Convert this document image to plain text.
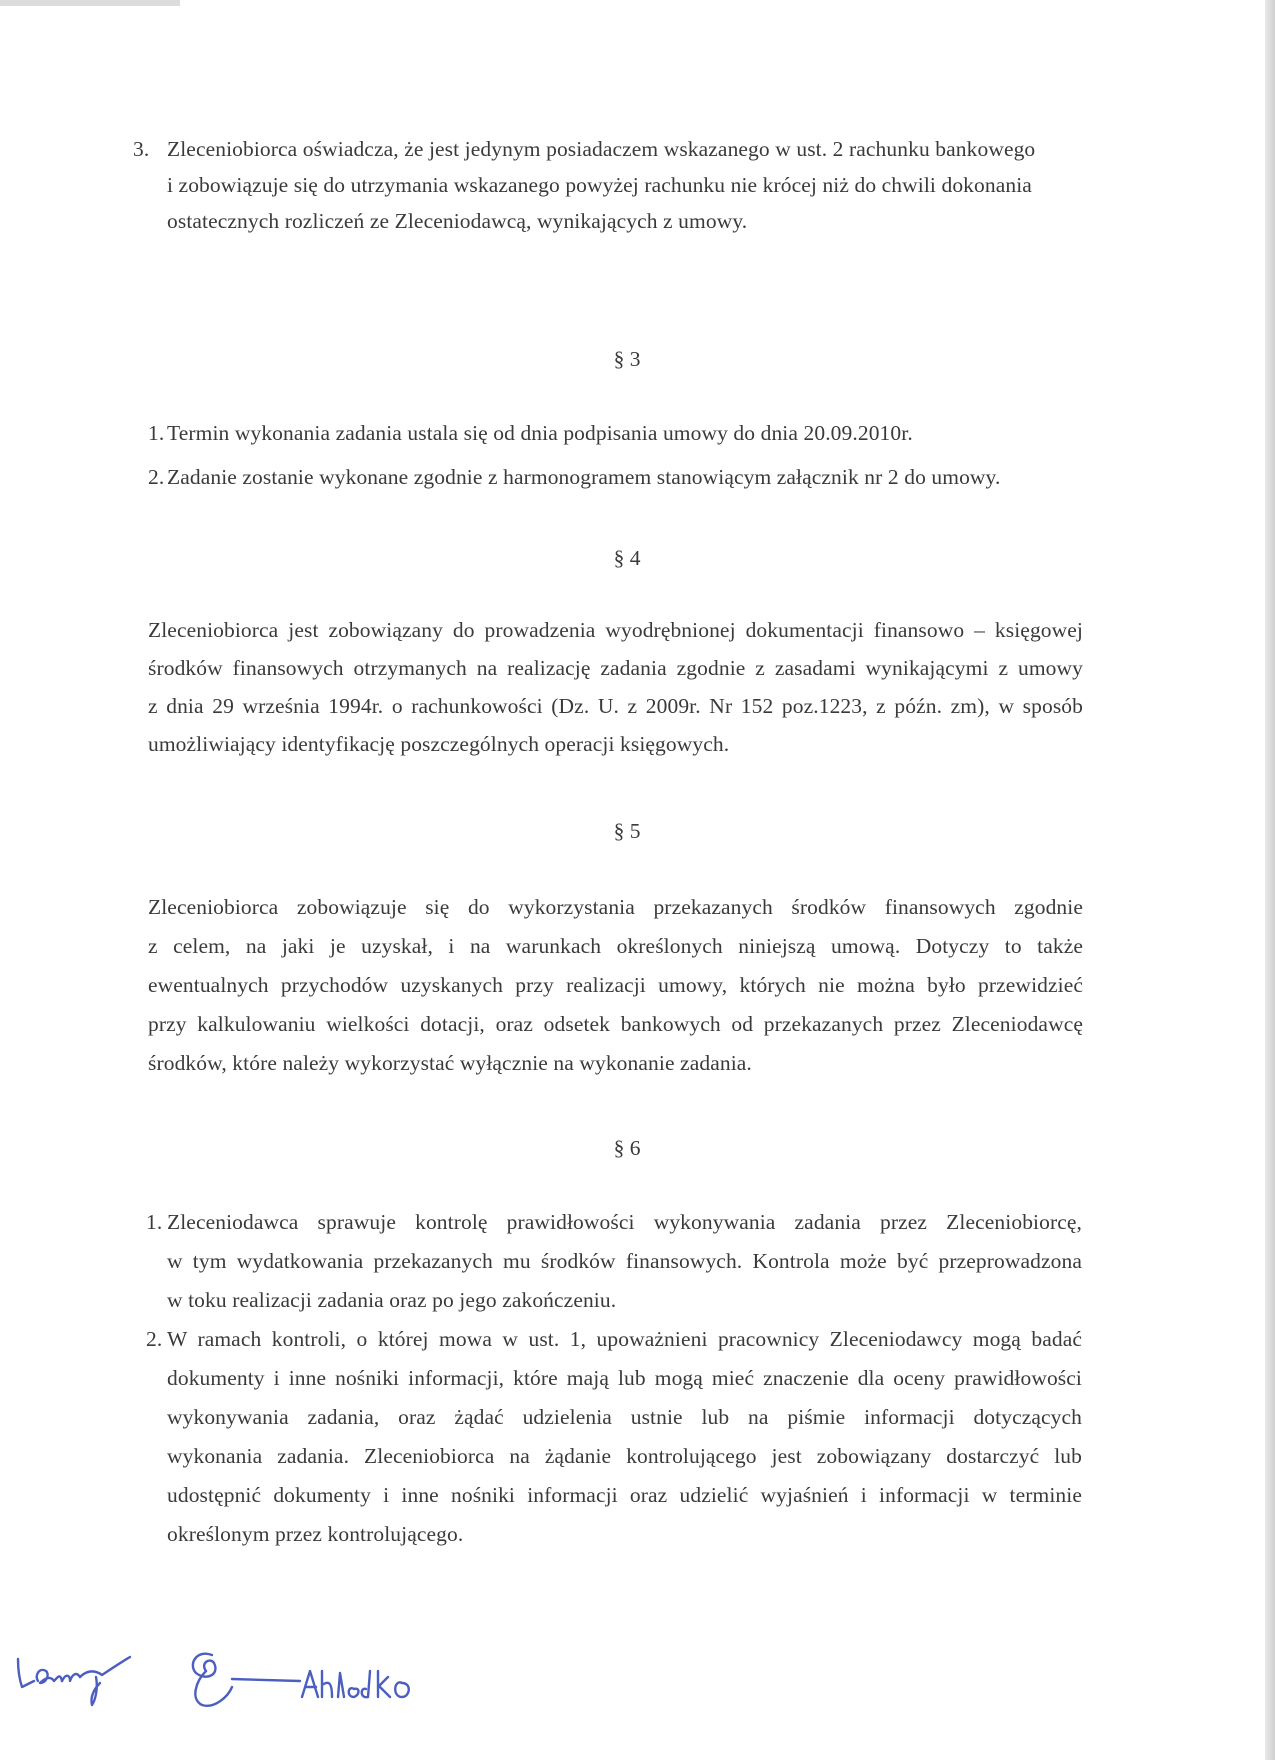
3. Zleceniobiorca oświadcza, że jest jedynym posiadaczem wskazanego w ust. 2 rachunku bankowego
i zobowiązuje się do utrzymania wskazanego powyżej rachunku nie krócej niż do chwili dokonania
ostatecznych rozliczeń ze Zleceniodawcą, wynikających z umowy.
§ 3
1. Termin wykonania zadania ustala się od dnia podpisania umowy do dnia 20.09.2010r.
2. Zadanie zostanie wykonane zgodnie z harmonogramem stanowiącym załącznik nr 2 do umowy.
§ 4
Zleceniobiorca jest zobowiązany do prowadzenia wyodrębnionej dokumentacji finansowo – księgowej
środków finansowych otrzymanych na realizację zadania zgodnie z zasadami wynikającymi z umowy
z dnia 29 września 1994r. o rachunkowości (Dz. U. z 2009r. Nr 152 poz.1223, z późn. zm), w sposób
umożliwiający identyfikację poszczególnych operacji księgowych.
§ 5
Zleceniobiorca zobowiązuje się do wykorzystania przekazanych środków finansowych zgodnie
z celem, na jaki je uzyskał, i na warunkach określonych niniejszą umową. Dotyczy to także
ewentualnych przychodów uzyskanych przy realizacji umowy, których nie można było przewidzieć
przy kalkulowaniu wielkości dotacji, oraz odsetek bankowych od przekazanych przez Zleceniodawcę
środków, które należy wykorzystać wyłącznie na wykonanie zadania.
§ 6
1. Zleceniodawca sprawuje kontrolę prawidłowości wykonywania zadania przez Zleceniobiorcę,
w tym wydatkowania przekazanych mu środków finansowych. Kontrola może być przeprowadzona
w toku realizacji zadania oraz po jego zakończeniu.
2. W ramach kontroli, o której mowa w ust. 1, upoważnieni pracownicy Zleceniodawcy mogą badać
dokumenty i inne nośniki informacji, które mają lub mogą mieć znaczenie dla oceny prawidłowości
wykonywania zadania, oraz żądać udzielenia ustnie lub na piśmie informacji dotyczących
wykonania zadania. Zleceniobiorca na żądanie kontrolującego jest zobowiązany dostarczyć lub
udostępnić dokumenty i inne nośniki informacji oraz udzielić wyjaśnień i informacji w terminie
określonym przez kontrolującego.
